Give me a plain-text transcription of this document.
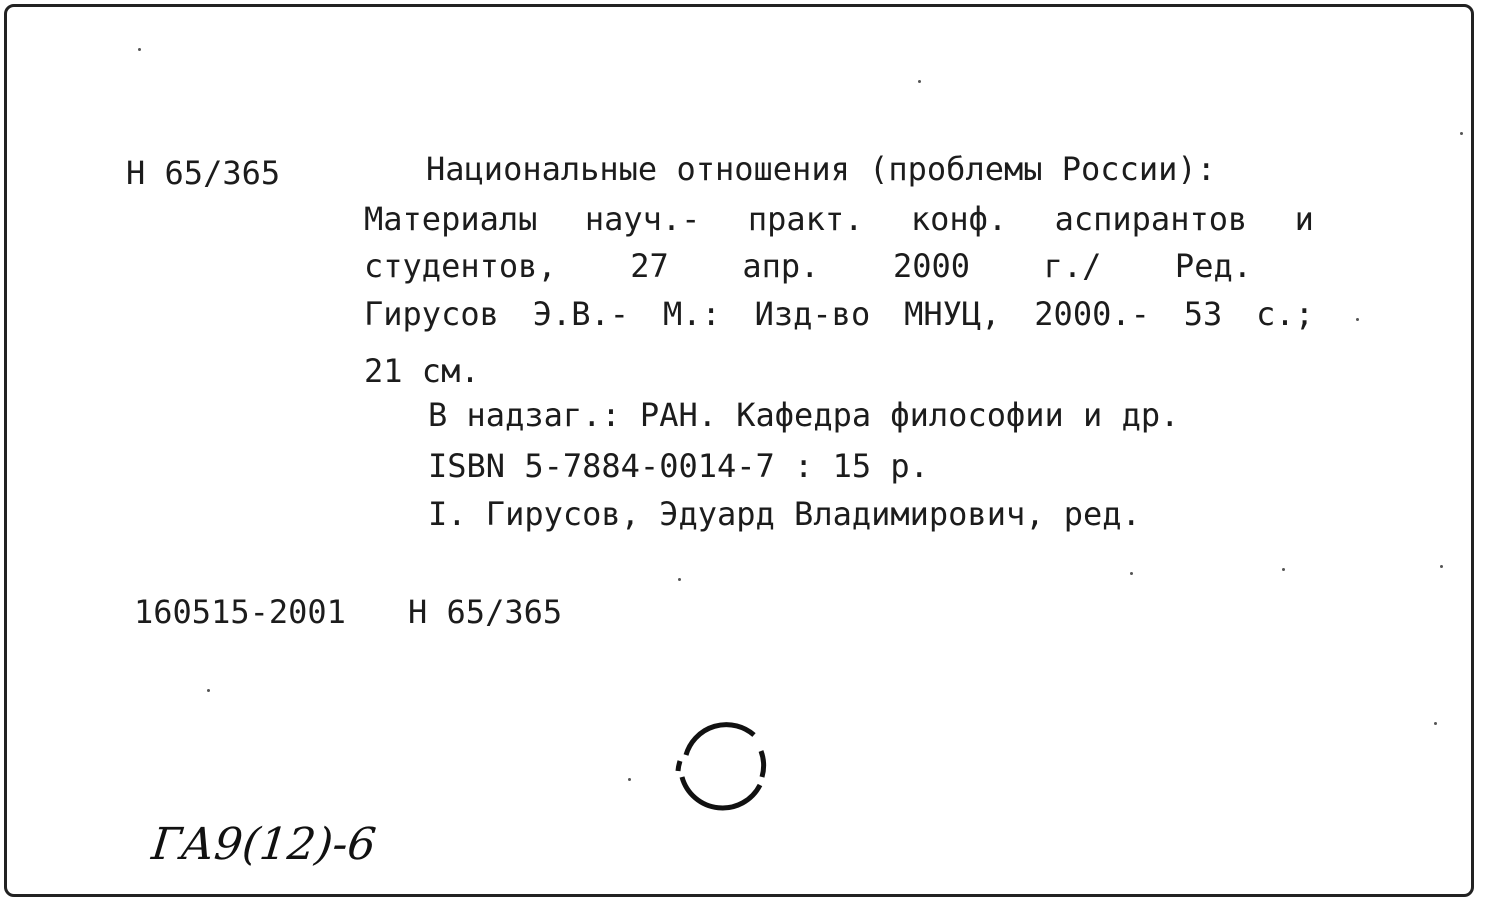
Н 65/365	Национальные отношения (проблемы России):
Материалы науч.- практ. конф. аспирантов и
студентов, 27 апр. 2000 г./ Ред.
Гирусов Э.В.- М.: Изд-во МНУЦ, 2000.- 53 с.;
21 см.
В надзаг.: РАН. Кафедра философии и др.
ISBN 5-7884-0014-7 : 15 р.
I. Гирусов, Эдуард Владимирович, ред.
160515-2001 Н 65/365
ГА9(12)-6
